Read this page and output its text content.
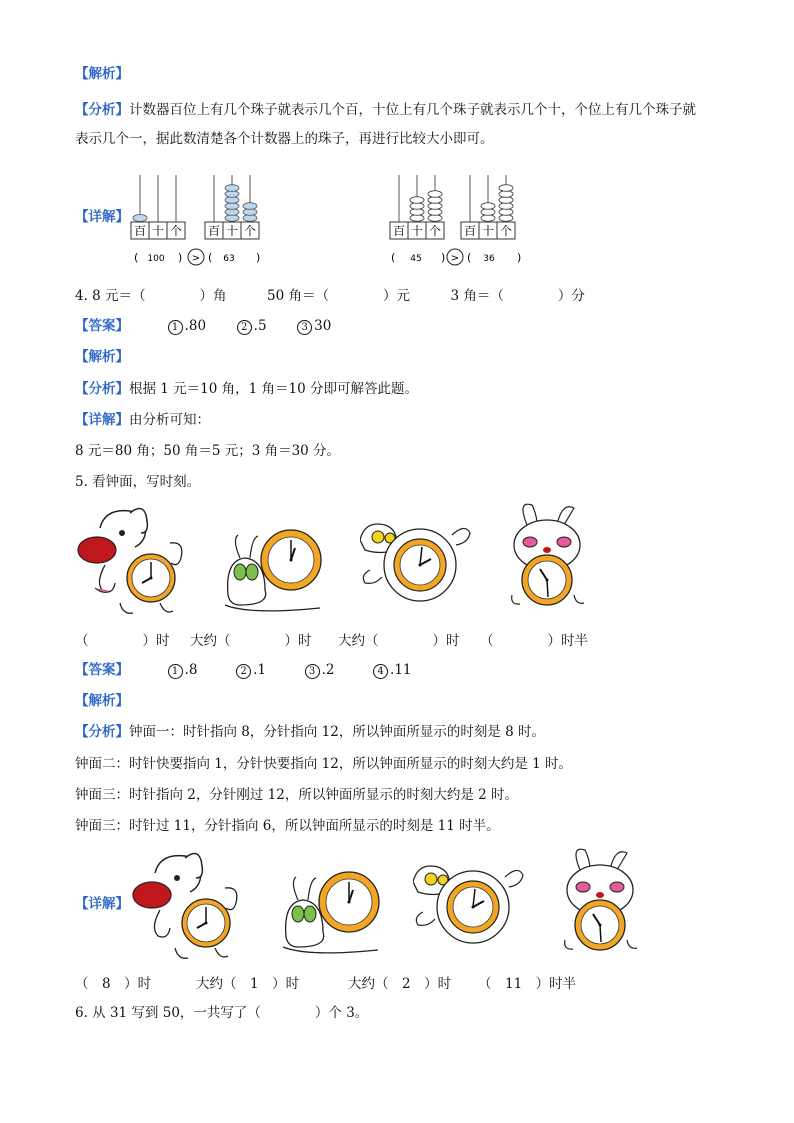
【解析】
【分析】计数器百位上有几个珠子就表示几个百，十位上有几个珠子就表示几个十，个位上有几个珠子就
表示几个一，据此数清楚各个计数器上的珠子，再进行比较大小即可。
【详解】
百 十 个 百 十 个
( 100 ) > ( 63 )
百 十 个 百 十 个
( 45 ) > ( 36 )
4. 8 元＝（　　　　）角　　　50 角＝（　　　　）元　　　3 角＝（　　　　）分
【答案】	1 .80	2 .5	3 30
【解析】
【分析】根据 1 元＝10 角，1 角＝10 分即可解答此题。
【详解】由分析可知：
8 元＝80 角；50 角＝5 元；3 角＝30 分。
5. 看钟面，写时刻。
（　　　　）时 大约（　　　　）时 大约（　　　　）时 （　　　　）时半
【答案】	1 .8	2 .1	3 .2	4 .11
【解析】
【分析】钟面一：时针指向 8，分针指向 12，所以钟面所显示的时刻是 8 时。
钟面二：时针快要指向 1，分针快要指向 12，所以钟面所显示的时刻大约是 1 时。
钟面三：时针指向 2，分针刚过 12，所以钟面所显示的时刻大约是 2 时。
钟面三：时针过 11，分针指向 6，所以钟面所显示的时刻是 11 时半。
【详解】
（　8　）时	大约（　1　）时	大约（　2　）时 （　11　）时半
6. 从 31 写到 50，一共写了（　　　　）个 3。
